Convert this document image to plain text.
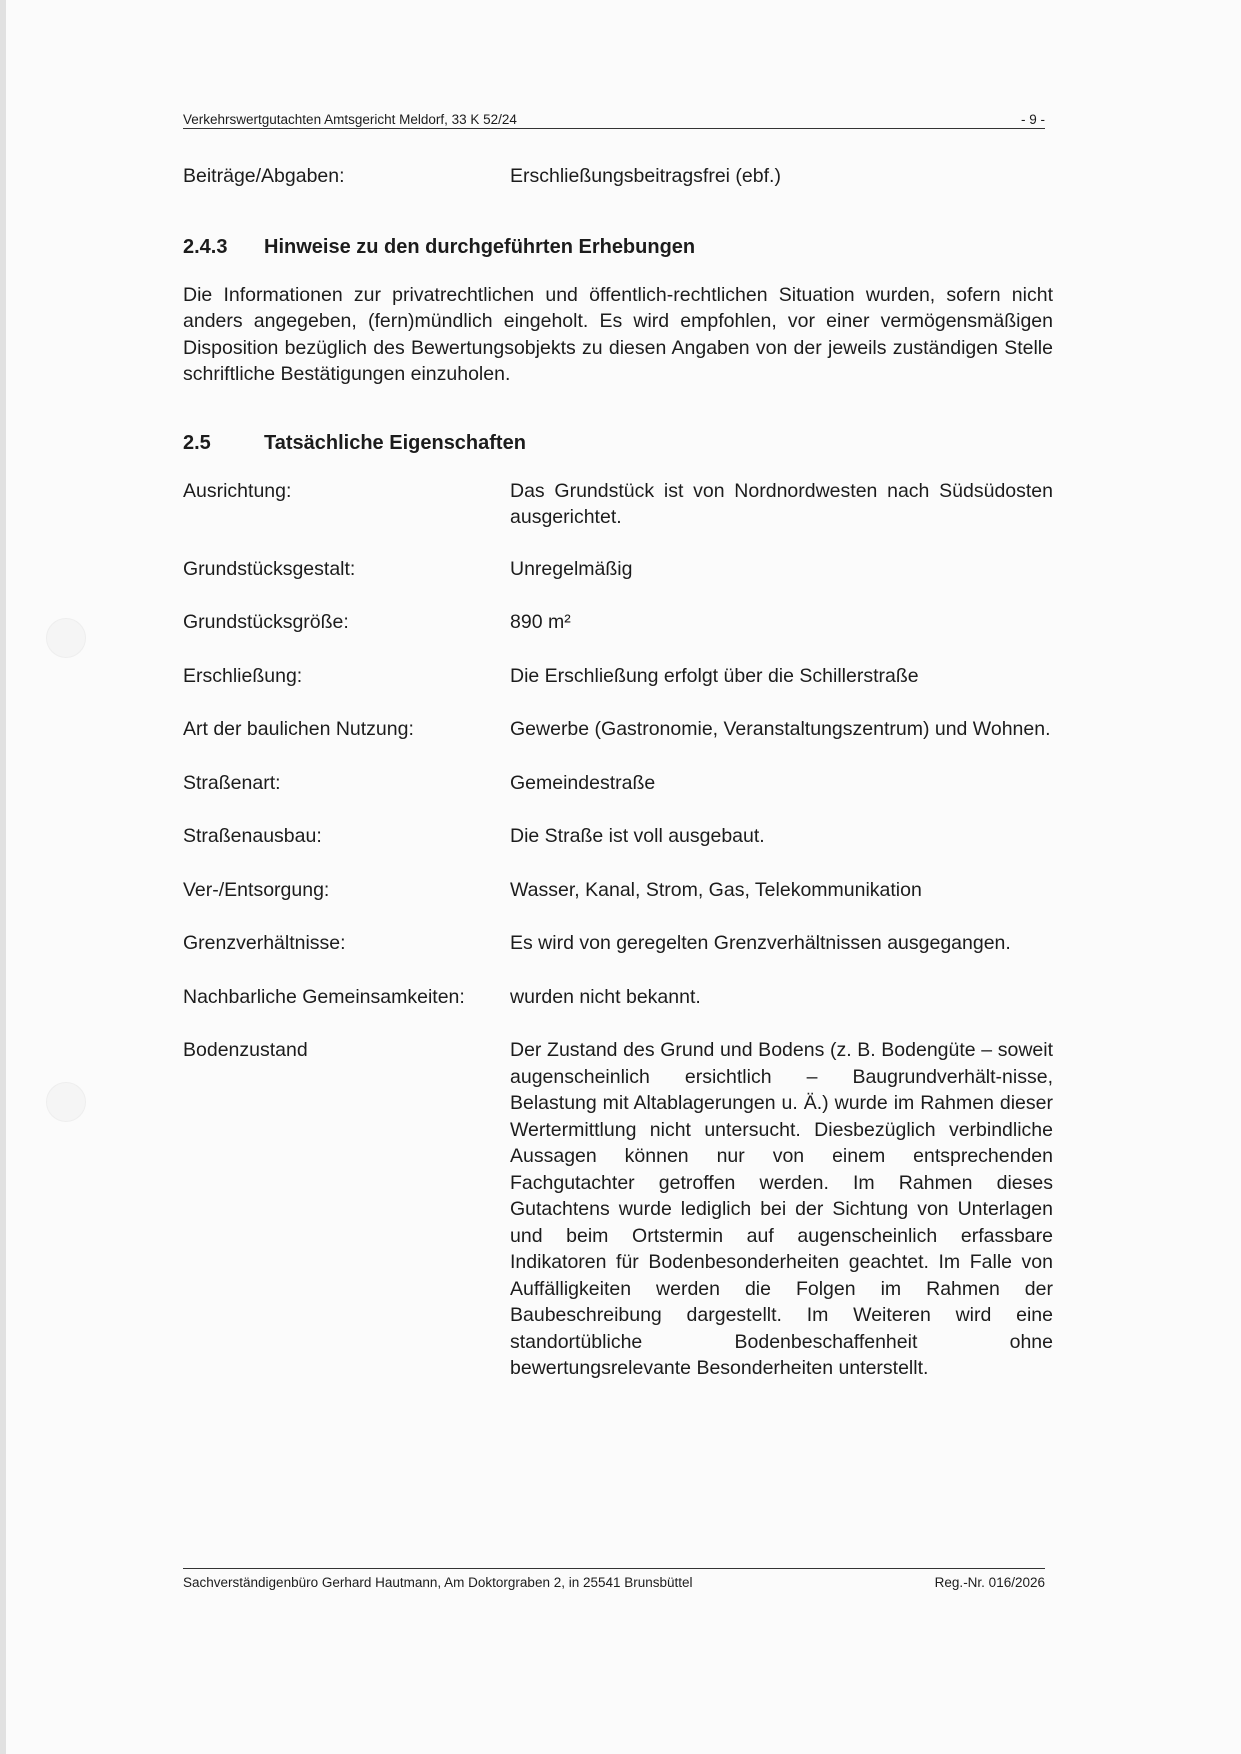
Verkehrswertgutachten Amtsgericht Meldorf, 33 K 52/24	- 9 -
Beiträge/Abgaben:	Erschließungsbeitragsfrei (ebf.)
2.4.3 Hinweise zu den durchgeführten Erhebungen
Die Informationen zur privatrechtlichen und öffentlich-rechtlichen Situation wurden, sofern nicht anders angegeben, (fern)mündlich eingeholt. Es wird empfohlen, vor einer vermögensmäßigen Disposition bezüglich des Bewertungsobjekts zu diesen Angaben von der jeweils zuständigen Stelle schriftliche Bestätigungen einzuholen.
2.5	Tatsächliche Eigenschaften
Ausrichtung:	Das Grundstück ist von Nordnordwesten nach Südsüdosten ausgerichtet.
Grundstücksgestalt:	Unregelmäßig
Grundstücksgröße:	890 m²
Erschließung:	Die Erschließung erfolgt über die Schillerstraße
Art der baulichen Nutzung:	Gewerbe (Gastronomie, Veranstaltungszentrum) und Wohnen.
Straßenart:	Gemeindestraße
Straßenausbau:	Die Straße ist voll ausgebaut.
Ver-/Entsorgung:	Wasser, Kanal, Strom, Gas, Telekommunikation
Grenzverhältnisse:	Es wird von geregelten Grenzverhältnissen ausgegangen.
Nachbarliche Gemeinsamkeiten: wurden nicht bekannt.
Bodenzustand	Der Zustand des Grund und Bodens (z. B. Bodengüte – soweit augenscheinlich ersichtlich – Baugrundverhält-nisse, Belastung mit Altablagerungen u. Ä.) wurde im Rahmen dieser Wertermittlung nicht untersucht. Diesbezüglich verbindliche Aussagen können nur von einem entsprechenden Fachgutachter getroffen werden. Im Rahmen dieses Gutachtens wurde lediglich bei der Sichtung von Unterlagen und beim Ortstermin auf augenscheinlich erfassbare Indikatoren für Bodenbesonderheiten geachtet. Im Falle von Auffälligkeiten werden die Folgen im Rahmen der Baubeschreibung dargestellt. Im Weiteren wird eine standortübliche Bodenbeschaffenheit ohne bewertungsrelevante Besonderheiten unterstellt.
Sachverständigenbüro Gerhard Hautmann, Am Doktorgraben 2, in 25541 Brunsbüttel	Reg.-Nr. 016/2026
